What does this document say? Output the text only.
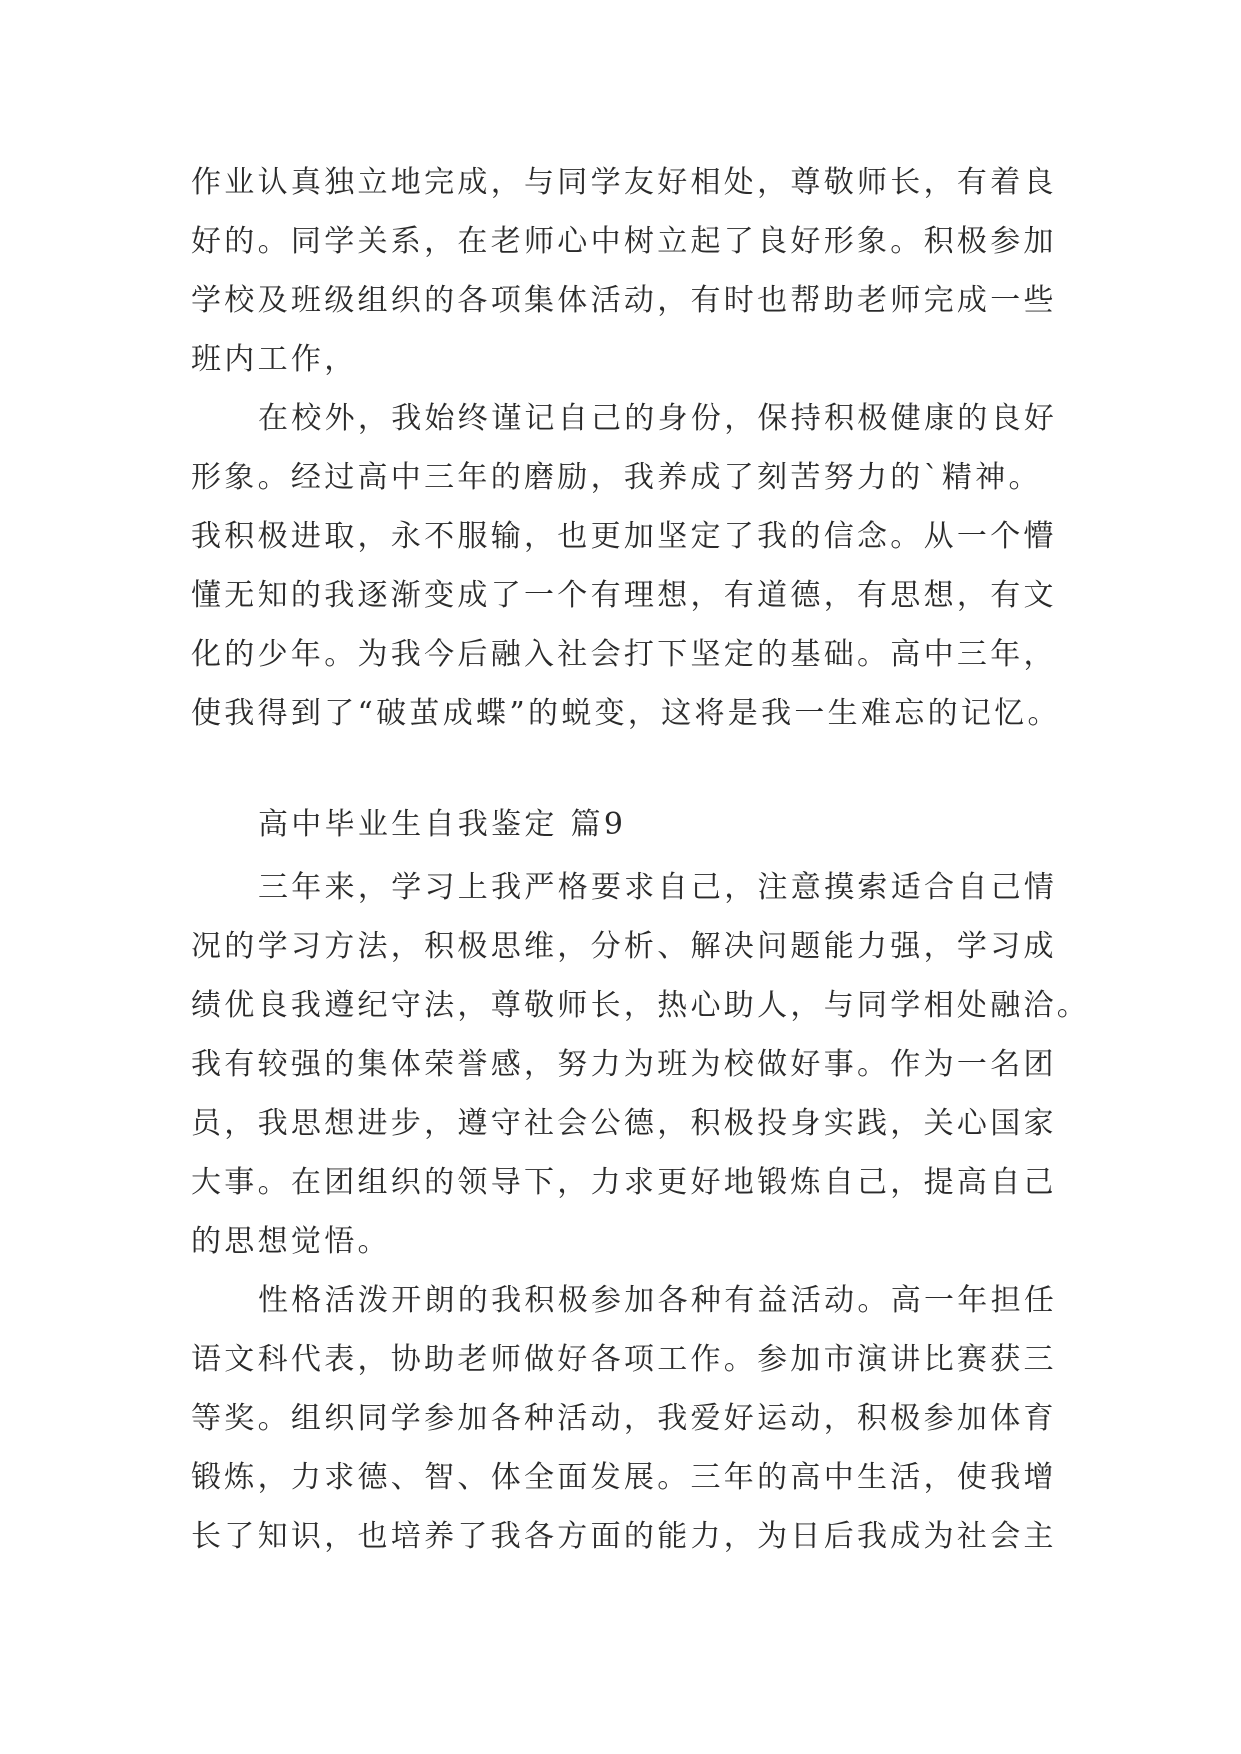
作业认真独立地完成，与同学友好相处，尊敬师长，有着良
好的。同学关系，在老师心中树立起了良好形象。积极参加
学校及班级组织的各项集体活动，有时也帮助老师完成一些
班内工作，
在校外，我始终谨记自己的身份，保持积极健康的良好
形象。经过高中三年的磨励，我养成了刻苦努力的`精神。
我积极进取，永不服输，也更加坚定了我的信念。从一个懵
懂无知的我逐渐变成了一个有理想，有道德，有思想，有文
化的少年。为我今后融入社会打下坚定的基础。高中三年，
使我得到了“破茧成蝶”的蜕变，这将是我一生难忘的记忆。
高中毕业生自我鉴定 篇9
三年来，学习上我严格要求自己，注意摸索适合自己情
况的学习方法，积极思维，分析、解决问题能力强，学习成
绩优良我遵纪守法，尊敬师长，热心助人，与同学相处融洽。
我有较强的集体荣誉感，努力为班为校做好事。作为一名团
员，我思想进步，遵守社会公德，积极投身实践，关心国家
大事。在团组织的领导下，力求更好地锻炼自己，提高自己
的思想觉悟。
性格活泼开朗的我积极参加各种有益活动。高一年担任
语文科代表，协助老师做好各项工作。参加市演讲比赛获三
等奖。组织同学参加各种活动，我爱好运动，积极参加体育
锻炼，力求德、智、体全面发展。三年的高中生活，使我增
长了知识，也培养了我各方面的能力，为日后我成为社会主
